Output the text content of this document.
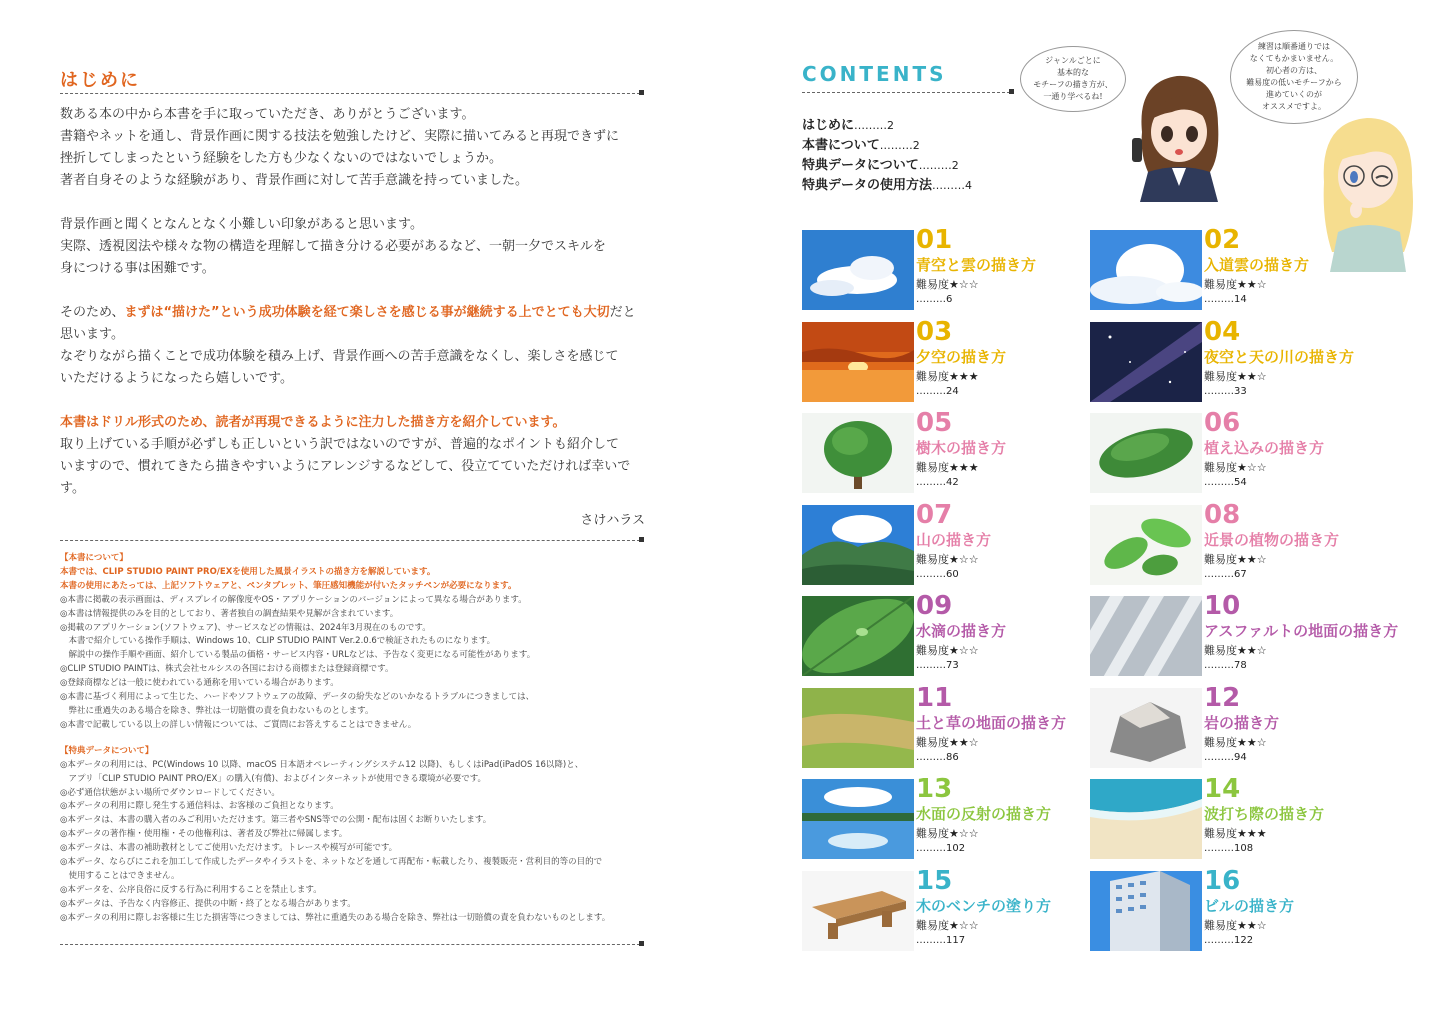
はじめに

数ある本の中から本書を手に取っていただき、ありがとうございます。
書籍やネットを通し、背景作画に関する技法を勉強したけど、実際に描いてみると再現できずに
挫折してしまったという経験をした方も少なくないのではないでしょうか。
著者自身そのような経験があり、背景作画に対して苦手意識を持っていました。

背景作画と聞くとなんとなく小難しい印象があると思います。
実際、透視図法や様々な物の構造を理解して描き分ける必要があるなど、一朝一夕でスキルを
身につける事は困難です。

そのため、まずは“描けた”という成功体験を経て楽しさを感じる事が継続する上でとても大切だと
思います。
なぞりながら描くことで成功体験を積み上げ、背景作画への苦手意識をなくし、楽しさを感じて
いただけるようになったら嬉しいです。

本書はドリル形式のため、読者が再現できるように注力した描き方を紹介しています。
取り上げている手順が必ずしも正しいという訳ではないのですが、普遍的なポイントも紹介して
いますので、慣れてきたら描きやすいようにアレンジするなどして、役立てていただければ幸いで
す。

さけハラス
【本書について】
本書では、CLIP STUDIO PAINT PRO/EXを使用した風景イラストの描き方を解説しています。
本書の使用にあたっては、上記ソフトウェアと、ペンタブレット、筆圧感知機能が付いたタッチペンが必要になります。
◎本書に掲載の表示画面は、ディスプレイの解像度やOS・アプリケーションのバージョンによって異なる場合があります。
◎本書は情報提供のみを目的としており、著者独自の調査結果や見解が含まれています。
◎掲載のアプリケーション(ソフトウェア)、サービスなどの情報は、2024年3月現在のものです。
　本書で紹介している操作手順は、Windows 10、CLIP STUDIO PAINT Ver.2.0.6で検証されたものになります。
　解説中の操作手順や画面、紹介している製品の価格・サービス内容・URLなどは、予告なく変更になる可能性があります。
◎CLIP STUDIO PAINTは、株式会社セルシスの各国における商標または登録商標です。
◎登録商標などは一般に使われている通称を用いている場合があります。
◎本書に基づく利用によって生じた、ハードやソフトウェアの故障、データの紛失などのいかなるトラブルにつきましては、
　弊社に重過失のある場合を除き、弊社は一切賠償の責を負わないものとします。
◎本書で記載している以上の詳しい情報については、ご質問にお答えすることはできません。
【特典データについて】
◎本データの利用には、PC(Windows 10 以降、macOS 日本語オペレーティングシステム12 以降)、もしくはiPad(iPadOS 16以降)と、
　アプリ「CLIP STUDIO PAINT PRO/EX」の購入(有償)、およびインターネットが使用できる環境が必要です。
◎必ず通信状態がよい場所でダウンロードしてください。
◎本データの利用に際し発生する通信料は、お客様のご負担となります。
◎本データは、本書の購入者のみご利用いただけます。第三者やSNS等での公開・配布は固くお断りいたします。
◎本データの著作権・使用権・その他権利は、著者及び弊社に帰属します。
◎本データは、本書の補助教材としてご使用いただけます。トレースや模写が可能です。
◎本データ、ならびにこれを加工して作成したデータやイラストを、ネットなどを通して再配布・転載したり、複製販売・営利目的等の目的で
　使用することはできません。
◎本データを、公序良俗に反する行為に利用することを禁止します。
◎本データは、予告なく内容修正、提供の中断・終了となる場合があります。
◎本データの利用に際しお客様に生じた損害等につきましては、弊社に重過失のある場合を除き、弊社は一切賠償の責を負わないものとします。
CONTENTS
はじめに………2
本書について………2
特典データについて………2
特典データの使用方法………4
ジャンルごとに
基本的な
モチーフの描き方が、
一通り学べるね!
練習は順番通りでは
なくてもかまいません。
初心者の方は、
難易度の低いモチーフから
進めていくのが
オススメですよ。
01
青空と雲の描き方
難易度★☆☆
………6
02
入道雲の描き方
難易度★★☆
………14
03
夕空の描き方
難易度★★★
………24
04
夜空と天の川の描き方
難易度★★☆
………33
05
樹木の描き方
難易度★★★
………42
06
植え込みの描き方
難易度★☆☆
………54
07
山の描き方
難易度★☆☆
………60
08
近景の植物の描き方
難易度★★☆
………67
09
水滴の描き方
難易度★☆☆
………73
10
アスファルトの地面の描き方
難易度★★☆
………78
11
土と草の地面の描き方
難易度★★☆
………86
12
岩の描き方
難易度★★☆
………94
13
水面の反射の描き方
難易度★☆☆
………102
14
波打ち際の描き方
難易度★★★
………108
15
木のベンチの塗り方
難易度★☆☆
………117
16
ビルの描き方
難易度★★☆
………122
